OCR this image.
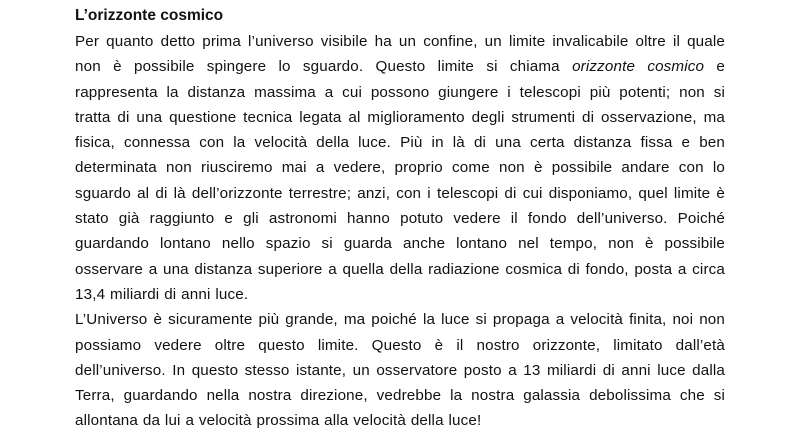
L’orizzonte cosmico

Per quanto detto prima l’universo visibile ha un confine, un limite invalicabile oltre il quale
non è possibile spingere lo sguardo. Questo limite si chiama orizzonte cosmico e
rappresenta la distanza massima a cui possono giungere i telescopi più potenti; non si
tratta di una questione tecnica legata al miglioramento degli strumenti di osservazione, ma
fisica, connessa con la velocità della luce. Più in là di una certa distanza fissa e ben
determinata non riusciremo mai a vedere, proprio come non è possibile andare con lo
sguardo al di là dell’orizzonte terrestre; anzi, con i telescopi di cui disponiamo, quel limite è
stato già raggiunto e gli astronomi hanno potuto vedere il fondo dell’universo. Poiché
guardando lontano nello spazio si guarda anche lontano nel tempo, non è possibile
osservare a una distanza superiore a quella della radiazione cosmica di fondo, posta a circa
13,4 miliardi di anni luce.

L’Universo è sicuramente più grande, ma poiché la luce si propaga a velocità finita, noi non
possiamo vedere oltre questo limite. Questo è il nostro orizzonte, limitato dall’età
dell’universo. In questo stesso istante, un osservatore posto a 13 miliardi di anni luce dalla
Terra, guardando nella nostra direzione, vedrebbe la nostra galassia debolissima che si
allontana da lui a velocità prossima alla velocità della luce!
